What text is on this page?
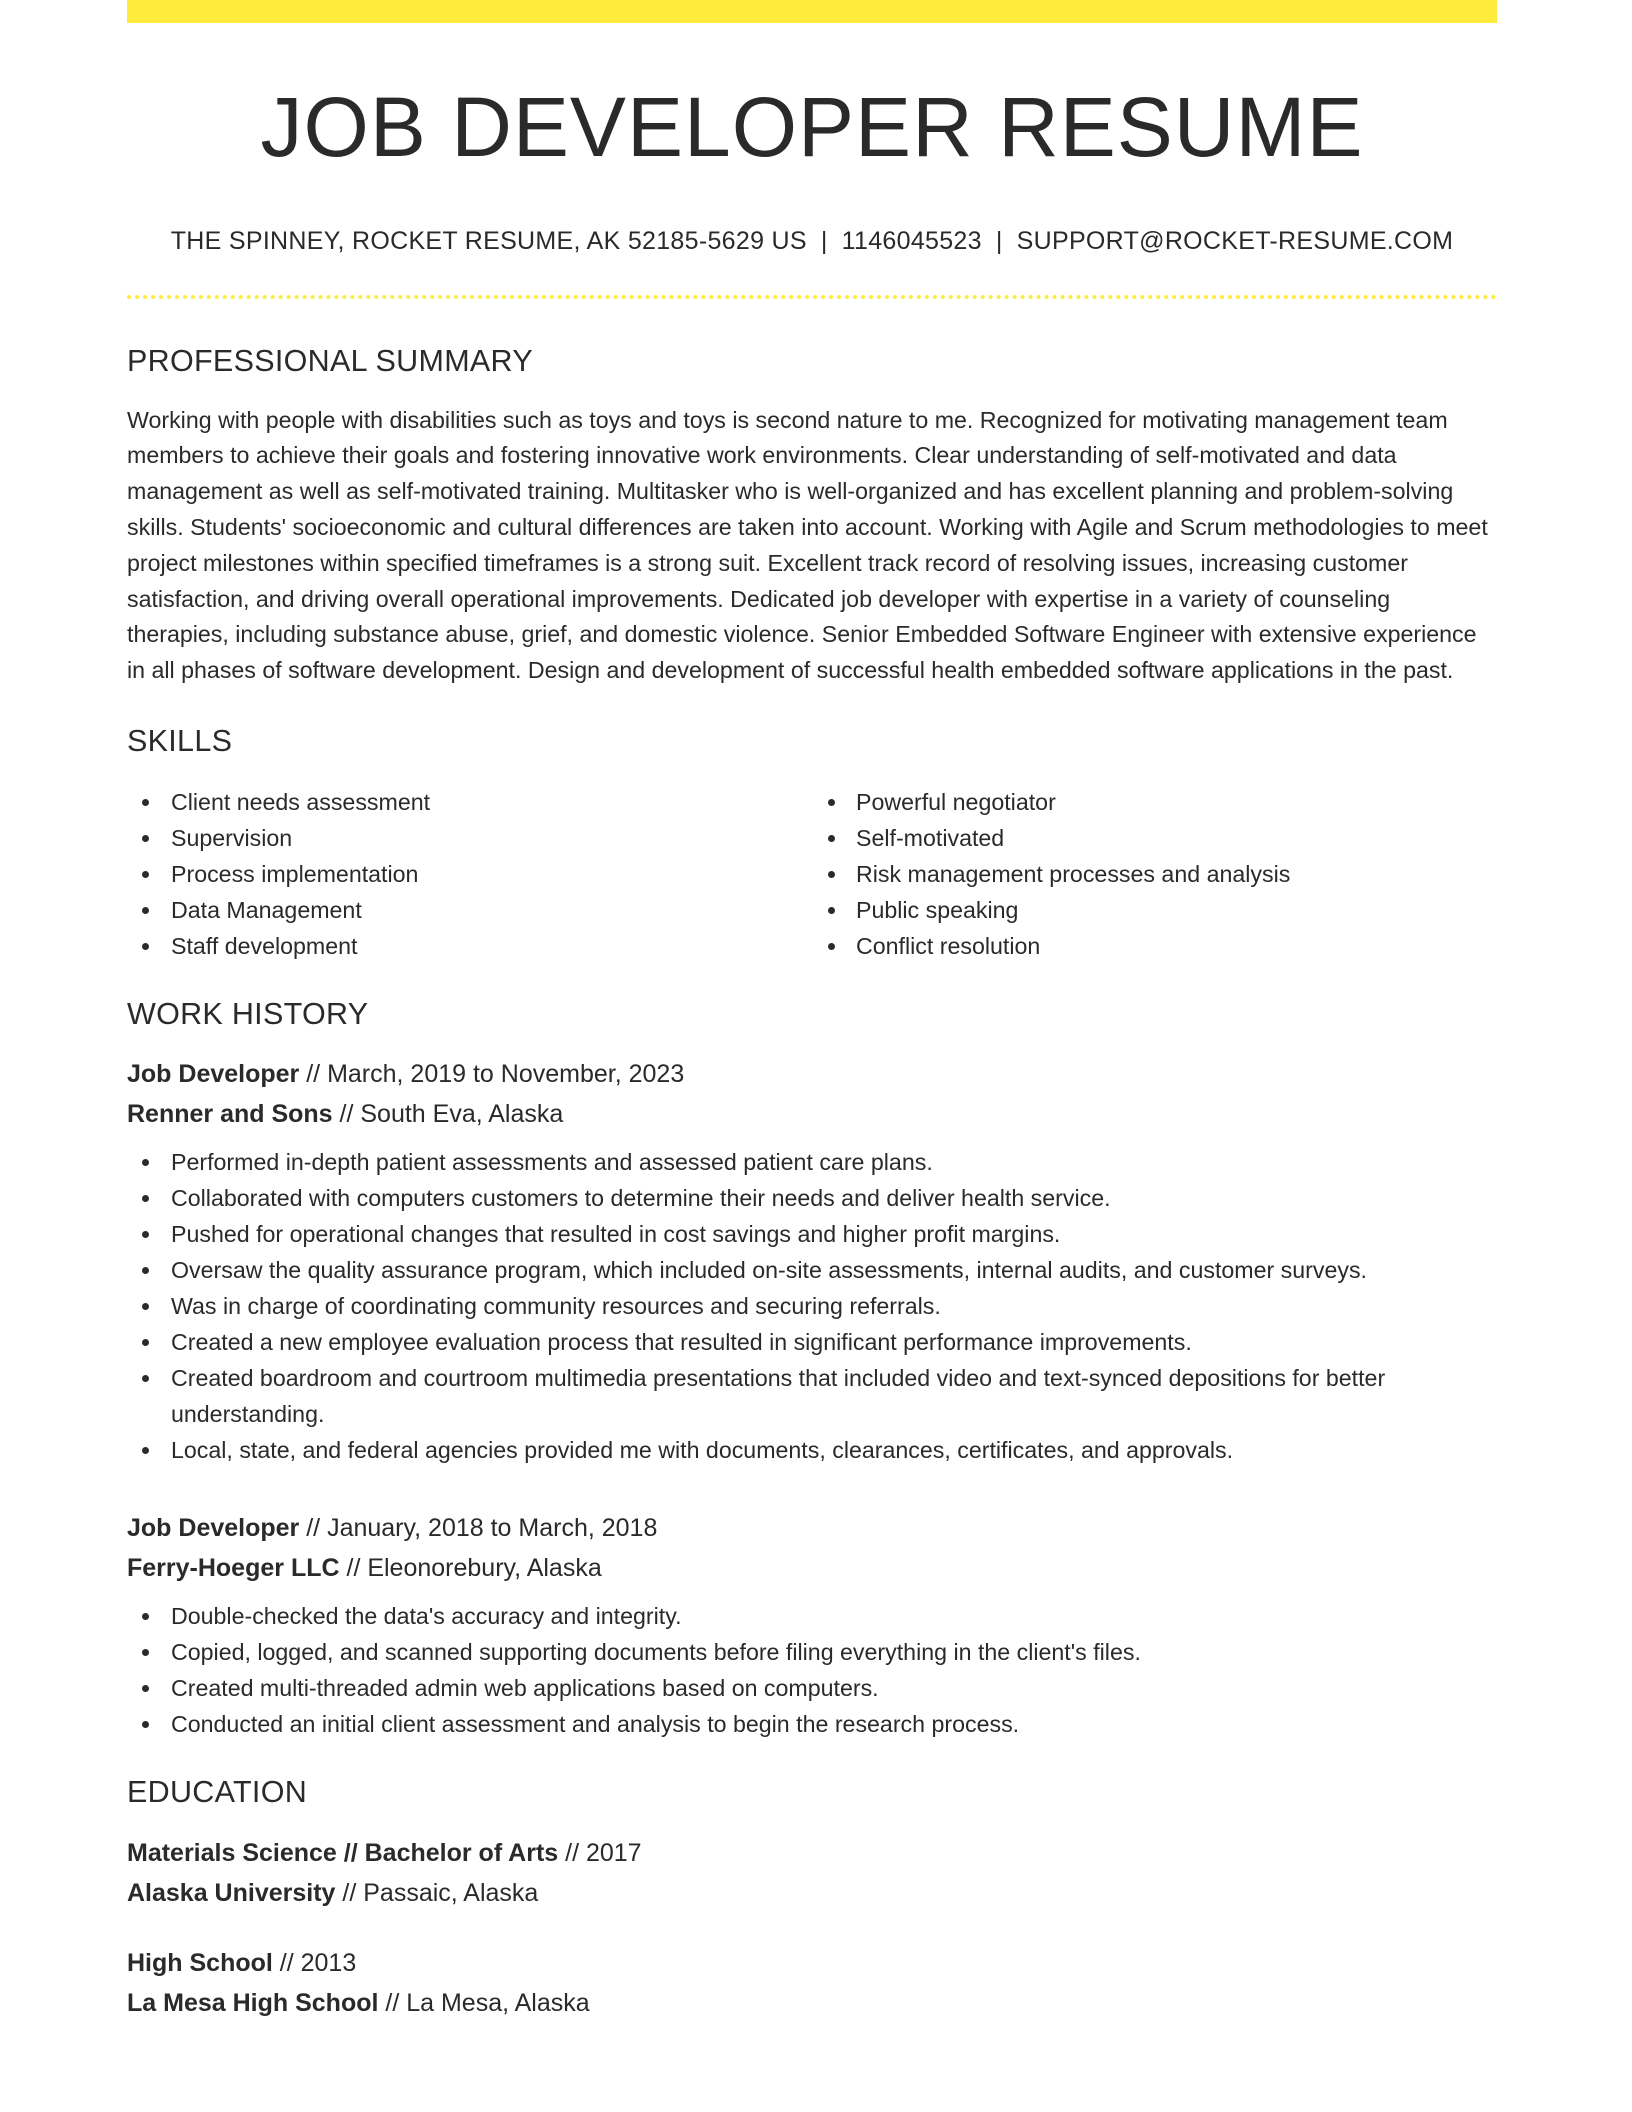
JOB DEVELOPER RESUME
THE SPINNEY, ROCKET RESUME, AK 52185-5629 US | 1146045523 | SUPPORT@ROCKET-RESUME.COM
PROFESSIONAL SUMMARY

Working with people with disabilities such as toys and toys is second nature to me. Recognized for motivating management team members to achieve their goals and fostering innovative work environments. Clear understanding of self-motivated and data management as well as self-motivated training. Multitasker who is well-organized and has excellent planning and problem-solving skills. Students' socioeconomic and cultural differences are taken into account. Working with Agile and Scrum methodologies to meet project milestones within specified timeframes is a strong suit. Excellent track record of resolving issues, increasing customer satisfaction, and driving overall operational improvements. Dedicated job developer with expertise in a variety of counseling therapies, including substance abuse, grief, and domestic violence. Senior Embedded Software Engineer with extensive experience in all phases of software development. Design and development of successful health embedded software applications in the past.

SKILLS
Client needs assessment
Supervision
Process implementation
Data Management
Staff development
Powerful negotiator
Self-motivated
Risk management processes and analysis
Public speaking
Conflict resolution
WORK HISTORY
Job Developer // March, 2019 to November, 2023
Renner and Sons // South Eva, Alaska
Performed in-depth patient assessments and assessed patient care plans.
Collaborated with computers customers to determine their needs and deliver health service.
Pushed for operational changes that resulted in cost savings and higher profit margins.
Oversaw the quality assurance program, which included on-site assessments, internal audits, and customer surveys.
Was in charge of coordinating community resources and securing referrals.
Created a new employee evaluation process that resulted in significant performance improvements.
Created boardroom and courtroom multimedia presentations that included video and text-synced depositions for better understanding.
Local, state, and federal agencies provided me with documents, clearances, certificates, and approvals.
Job Developer // January, 2018 to March, 2018
Ferry-Hoeger LLC // Eleonorebury, Alaska
Double-checked the data's accuracy and integrity.
Copied, logged, and scanned supporting documents before filing everything in the client's files.
Created multi-threaded admin web applications based on computers.
Conducted an initial client assessment and analysis to begin the research process.
EDUCATION
Materials Science // Bachelor of Arts // 2017
Alaska University // Passaic, Alaska
High School // 2013
La Mesa High School // La Mesa, Alaska
